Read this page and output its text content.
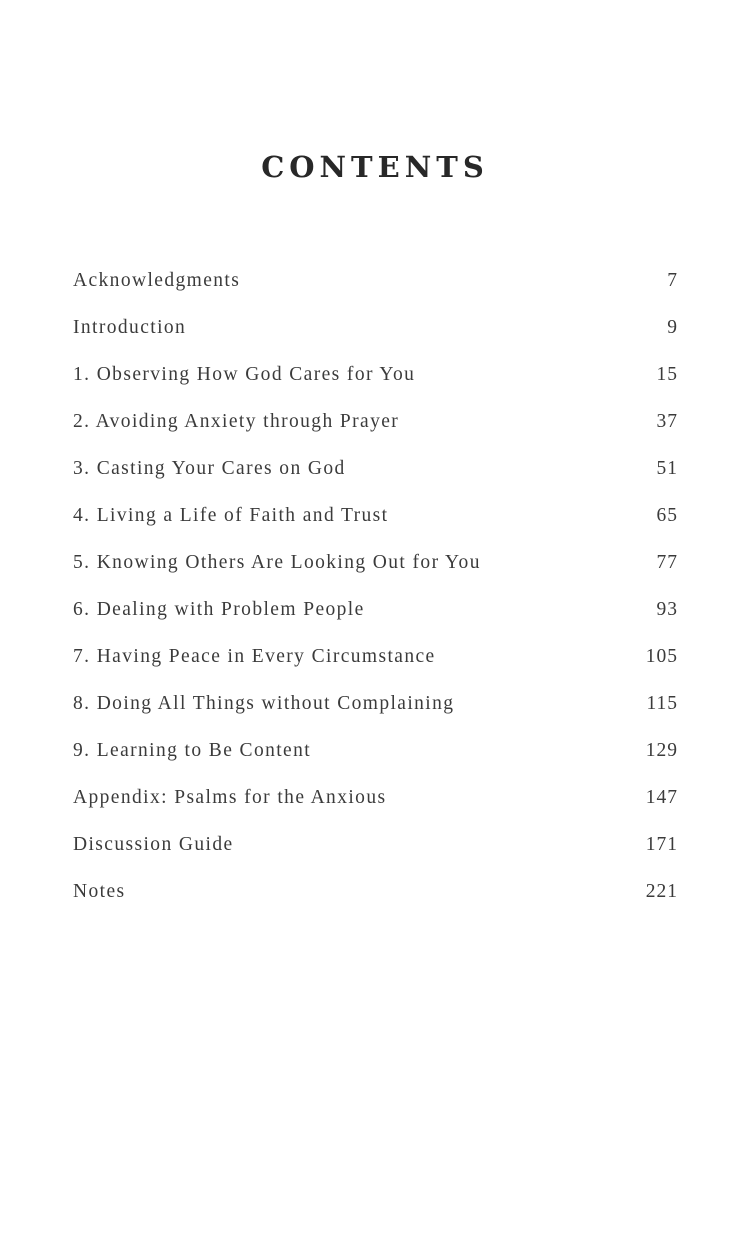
CONTENTS
Acknowledgments	7
Introduction	9
1. Observing How God Cares for You	15
2. Avoiding Anxiety through Prayer	37
3. Casting Your Cares on God	51
4. Living a Life of Faith and Trust	65
5. Knowing Others Are Looking Out for You	77
6. Dealing with Problem People	93
7. Having Peace in Every Circumstance	105
8. Doing All Things without Complaining	115
9. Learning to Be Content	129
Appendix: Psalms for the Anxious	147
Discussion Guide	171
Notes	221
